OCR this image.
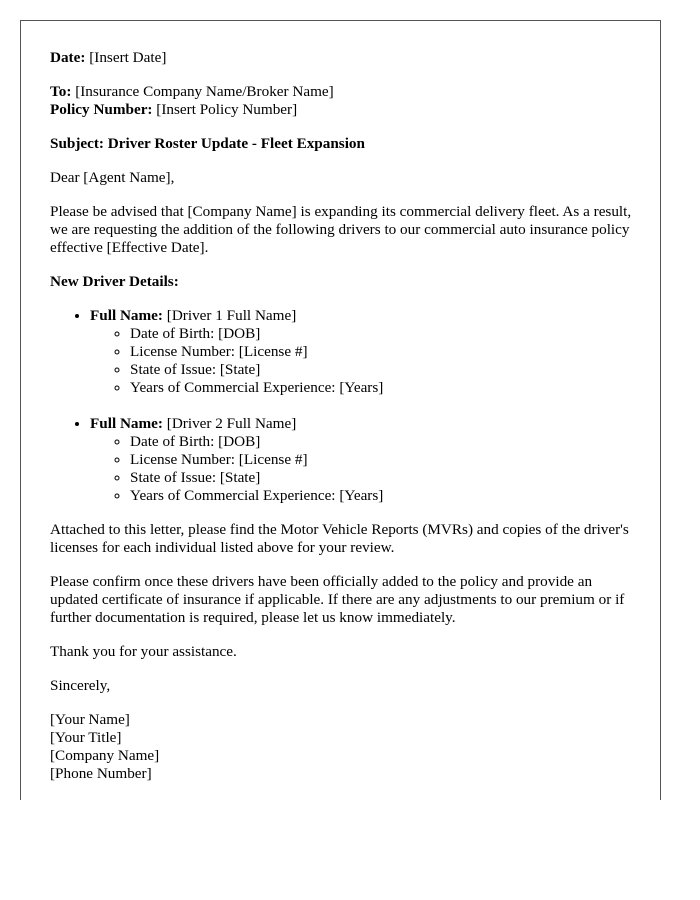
Date: [Insert Date]

To: [Insurance Company Name/Broker Name]
Policy Number: [Insert Policy Number]

Subject: Driver Roster Update - Fleet Expansion

Dear [Agent Name],

Please be advised that [Company Name] is expanding its commercial delivery fleet. As a result, we are requesting the addition of the following drivers to our commercial auto insurance policy effective [Effective Date].

New Driver Details:

• Full Name: [Driver 1 Full Name]
◦ Date of Birth: [DOB]
◦ License Number: [License #]
◦ State of Issue: [State]
◦ Years of Commercial Experience: [Years]
• Full Name: [Driver 2 Full Name]
◦ Date of Birth: [DOB]
◦ License Number: [License #]
◦ State of Issue: [State]
◦ Years of Commercial Experience: [Years]

Attached to this letter, please find the Motor Vehicle Reports (MVRs) and copies of the driver's licenses for each individual listed above for your review.

Please confirm once these drivers have been officially added to the policy and provide an updated certificate of insurance if applicable. If there are any adjustments to our premium or if further documentation is required, please let us know immediately.

Thank you for your assistance.

Sincerely,

[Your Name]
[Your Title]
[Company Name]
[Phone Number]
